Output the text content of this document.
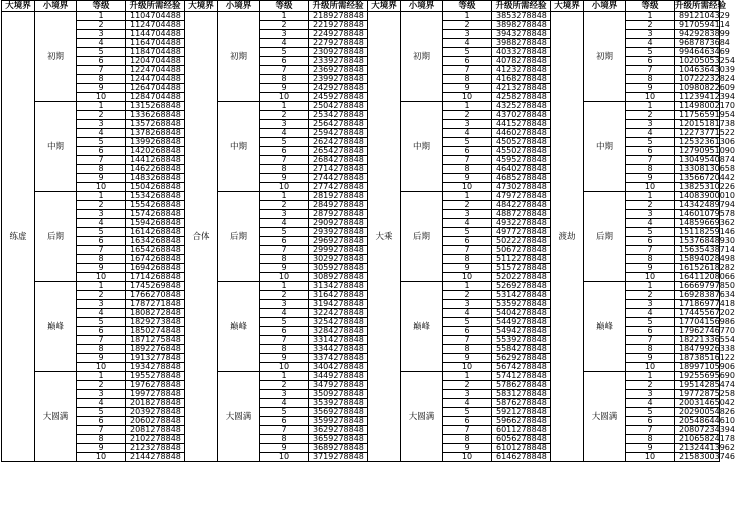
大境界	小境界	等级	升级所需经验	大境界	小境界	等级	升级所需经验	大境界	小境界	等级	升级所需经验	大境界	小境界	等级	升级所需经验
练虚	初期	1	1104704488	合体	初期	1	2189278848	大乘	初期	1	3853278848	渡劫	初期	1	8912104329
		2	1124704488			2	2219278848			2	3898278848			2	9170594114
		3	1144704488			3	2249278848			3	3943278848			3	9429283899
		4	1164704488			4	2279278848			4	3988278848			4	9687873684
		5	1184704488			5	2309278848			5	4033278848			5	9946463469
		6	1204704488			6	2339278848			6	4078278848			6	10205053254
		7	1224704488			7	2369278848			7	4123278848			7	10463643039
		8	1244704488			8	2399278848			8	4168278848			8	10722232824
		9	1264704488			9	2429278848			9	4213278848			9	10980822609
		10	1284704488			10	2459278848			10	4258278848			10	11239412394
	中期	1	1315268848		中期	1	2504278848		中期	1	4325278848		中期	1	11498002170
		2	1336268848			2	2534278848			2	4370278848			2	11756591954
		3	1357268848			3	2564278848			3	4415278848			3	12015181738
		4	1378268848			4	2594278848			4	4460278848			4	12273771522
		5	1399268848			5	2624278848			5	4505278848			5	12532361306
		6	1420268848			6	2654278848			6	4550278848			6	12790951090
		7	1441268848			7	2684278848			7	4595278848			7	13049540874
		8	1462268848			8	2714278848			8	4640278848			8	13308130658
		9	1483268848			9	2744278848			9	4685278848			9	13566720442
		10	1504268848			10	2774278848			10	4730278848			10	13825310226
	后期	1	1534268848		后期	1	2819278848		后期	1	4797278848		后期	1	14083900010
		2	1554268848			2	2849278848			2	4842278848			2	14342489794
		3	1574268848			3	2879278848			3	4887278848			3	14601079578
		4	1594268848			4	2909278848			4	4932278848			4	14859669362
		5	1614268848			5	2939278848			5	4977278848			5	15118259146
		6	1634268848			6	2969278848			6	5022278848			6	15376848930
		7	1654268848			7	2999278848			7	5067278848			7	15635438714
		8	1674268848			8	3029278848			8	5112278848			8	15894028498
		9	1694268848			9	3059278848			9	5157278848			9	16152618282
		10	1714268848			10	3089278848			10	5202278848			10	16411208066
	巅峰	1	1745269848		巅峰	1	3134278848		巅峰	1	5269278848		巅峰	1	16669797850
		2	1766270848			2	3164278848			2	5314278848			2	16928387634
		3	1787271848			3	3194278848			3	5359278848			3	17186977418
		4	1808272848			4	3224278848			4	5404278848			4	17445567202
		5	1829273848			5	3254278848			5	5449278848			5	17704156986
		6	1850274848			6	3284278848			6	5494278848			6	17962746770
		7	1871275848			7	3314278848			7	5539278848			7	18221336554
		8	1892276848			8	3344278848			8	5584278848			8	18479926338
		9	1913277848			9	3374278848			9	5629278848			9	18738516122
		10	1934278848			10	3404278848			10	5674278848			10	18997105906
	大圆满	1	1955278848		大圆满	1	3449278848		大圆满	1	5741278848		大圆满	1	19255695690
		2	1976278848			2	3479278848			2	5786278848			2	19514285474
		3	1997278848			3	3509278848			3	5831278848			3	19772875258
		4	2018278848			4	3539278848			4	5876278848			4	20031465042
		5	2039278848			5	3569278848			5	5921278848			5	20290054826
		6	2060278848			6	3599278848			6	5966278848			6	20548644610
		7	2081278848			7	3629278848			7	6011278848			7	20807234394
		8	2102278848			8	3659278848			8	6056278848			8	21065824178
		9	2123278848			9	3689278848			9	6101278848			9	21324413962
		10	2144278848			10	3719278848			10	6146278848			10	21583003746
